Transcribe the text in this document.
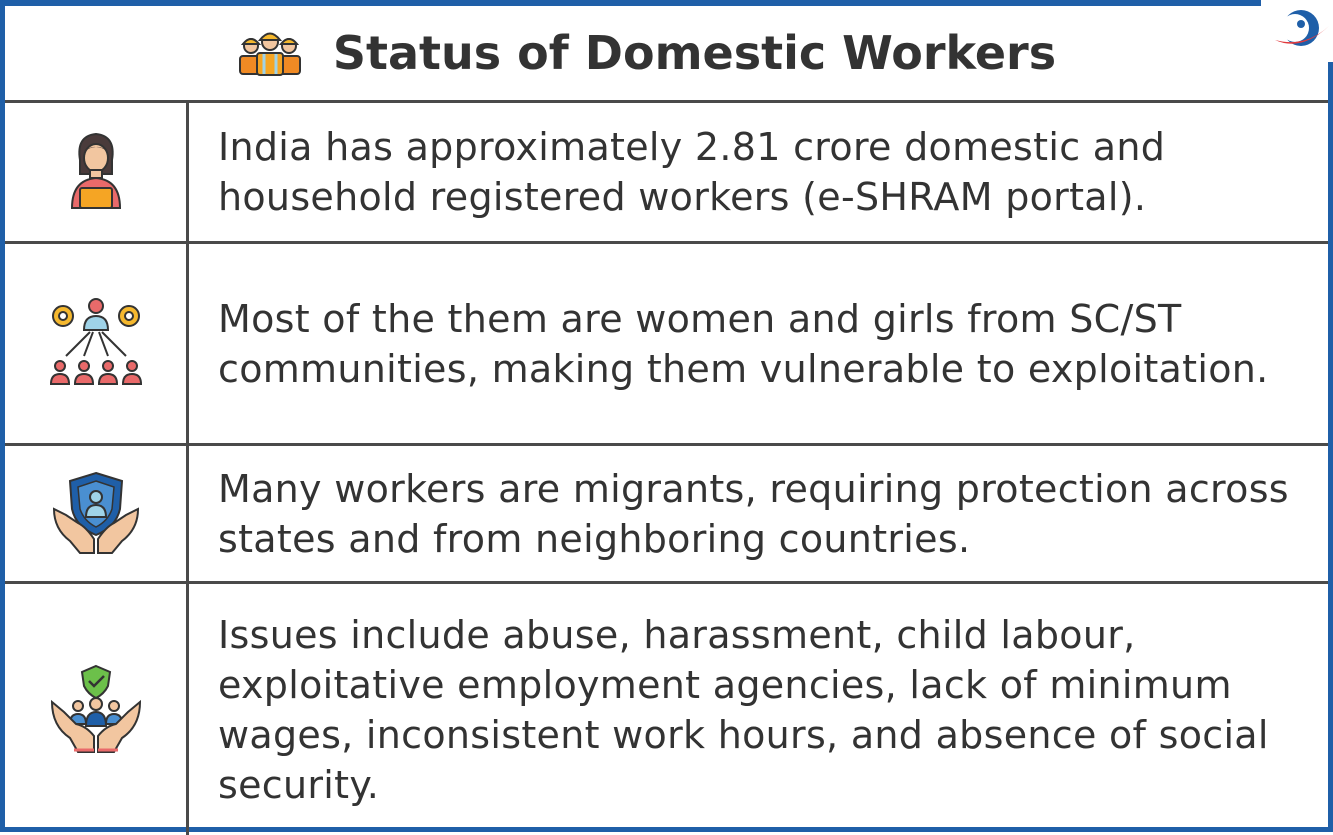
Status of Domestic Workers

India has approximately 2.81 crore domestic and household registered workers (e-SHRAM portal).

Most of the them are women and girls from SC/ST communities, making them vulnerable to exploitation.

Many workers are migrants, requiring protection across states and from neighboring countries.

Issues include abuse, harassment, child labour, exploitative employment agencies, lack of minimum wages, inconsistent work hours, and absence of social security.
